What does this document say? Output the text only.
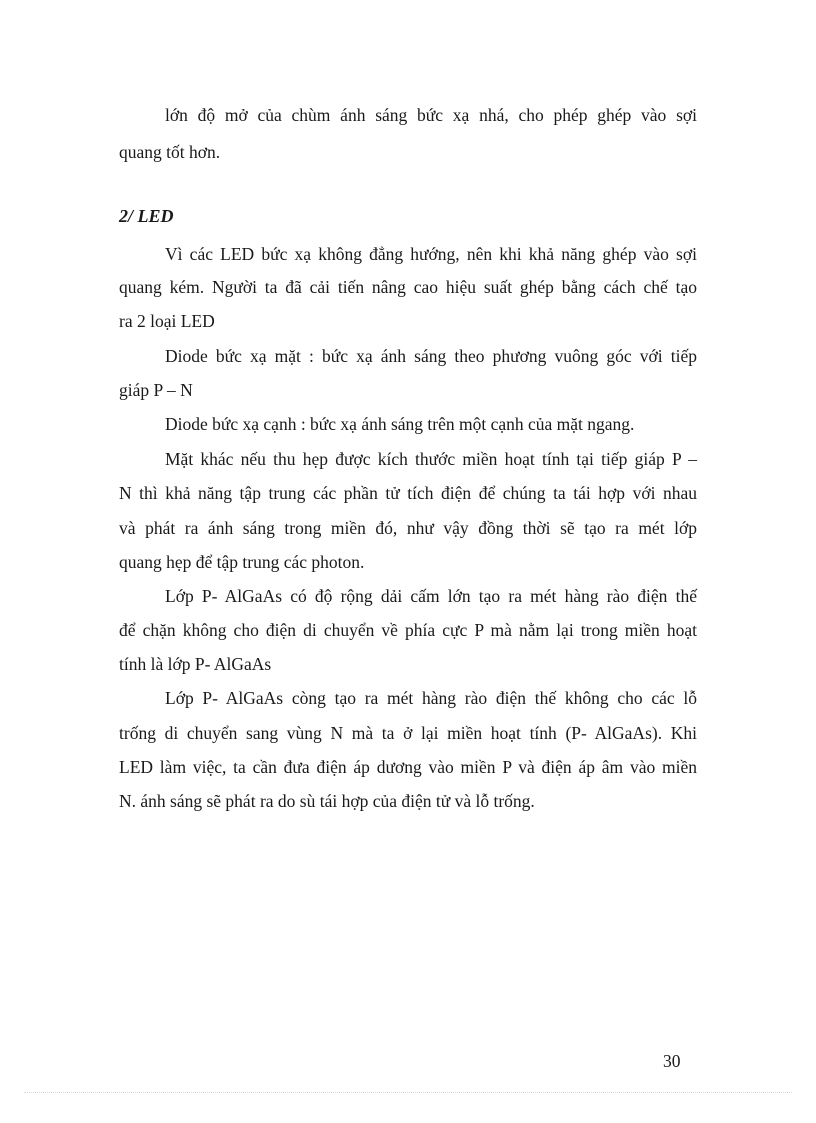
lớn độ mở của chùm ánh sáng bức xạ nhá, cho phép ghép vào sợi
quang tốt hơn.
2/ LED
Vì các LED bức xạ không đẳng hướng, nên khi khả năng ghép vào sợi
quang kém. Người ta đã cải tiến nâng cao hiệu suất ghép bằng cách chế tạo
ra 2 loại LED
Diode bức xạ mặt : bức xạ ánh sáng theo phương vuông góc với tiếp
giáp P – N
Diode bức xạ cạnh : bức xạ ánh sáng trên một cạnh của mặt ngang.
Mặt khác nếu thu hẹp được kích thước miền hoạt tính tại tiếp giáp P –
N thì khả năng tập trung các phần tử tích điện để chúng ta tái hợp với nhau
và phát ra ánh sáng trong miền đó, như vậy đồng thời sẽ tạo ra mét lớp
quang hẹp để tập trung các photon.
Lớp P- AlGaAs có độ rộng dải cấm lớn tạo ra mét hàng rào điện thế
để chặn không cho điện di chuyển về phía cực P mà nằm lại trong miền hoạt
tính là lớp P- AlGaAs
Lớp P- AlGaAs còng tạo ra mét hàng rào điện thế không cho các lỗ
trống di chuyển sang vùng N mà ta ở lại miền hoạt tính (P- AlGaAs). Khi
LED làm việc, ta cần đưa điện áp dương vào miền P và điện áp âm vào miền
N. ánh sáng sẽ phát ra do sù tái hợp của điện tử và lỗ trống.
30
